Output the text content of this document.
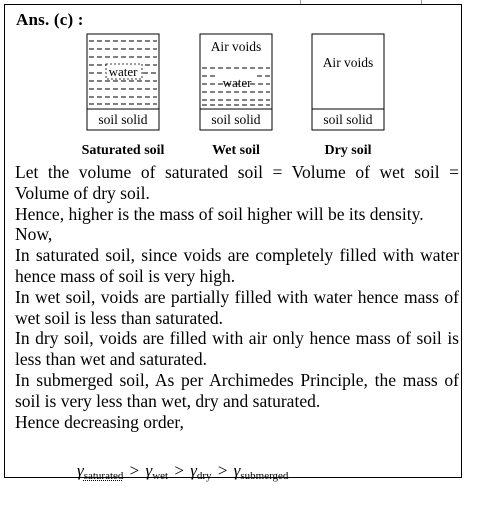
Ans. (c) :
water
soil solid
Air voids
water
soil solid
Air voids
soil solid
Saturated soil	Wet soil	Dry soil

Let the volume of saturated soil = Volume of wet soil = Volume of dry soil.

Hence, higher is the mass of soil higher will be its density.

Now,

In saturated soil, since voids are completely filled with water hence mass of soil is very high.

In wet soil, voids are partially filled with water hence mass of wet soil is less than saturated.

In dry soil, voids are filled with air only hence mass of soil is less than wet and saturated.

In submerged soil, As per Archimedes Principle, the mass of soil is very less than wet, dry and saturated.

Hence decreasing order,

$\gamma_{saturated} > \gamma_{wet} > \gamma_{dry} > \gamma_{submerged}$
